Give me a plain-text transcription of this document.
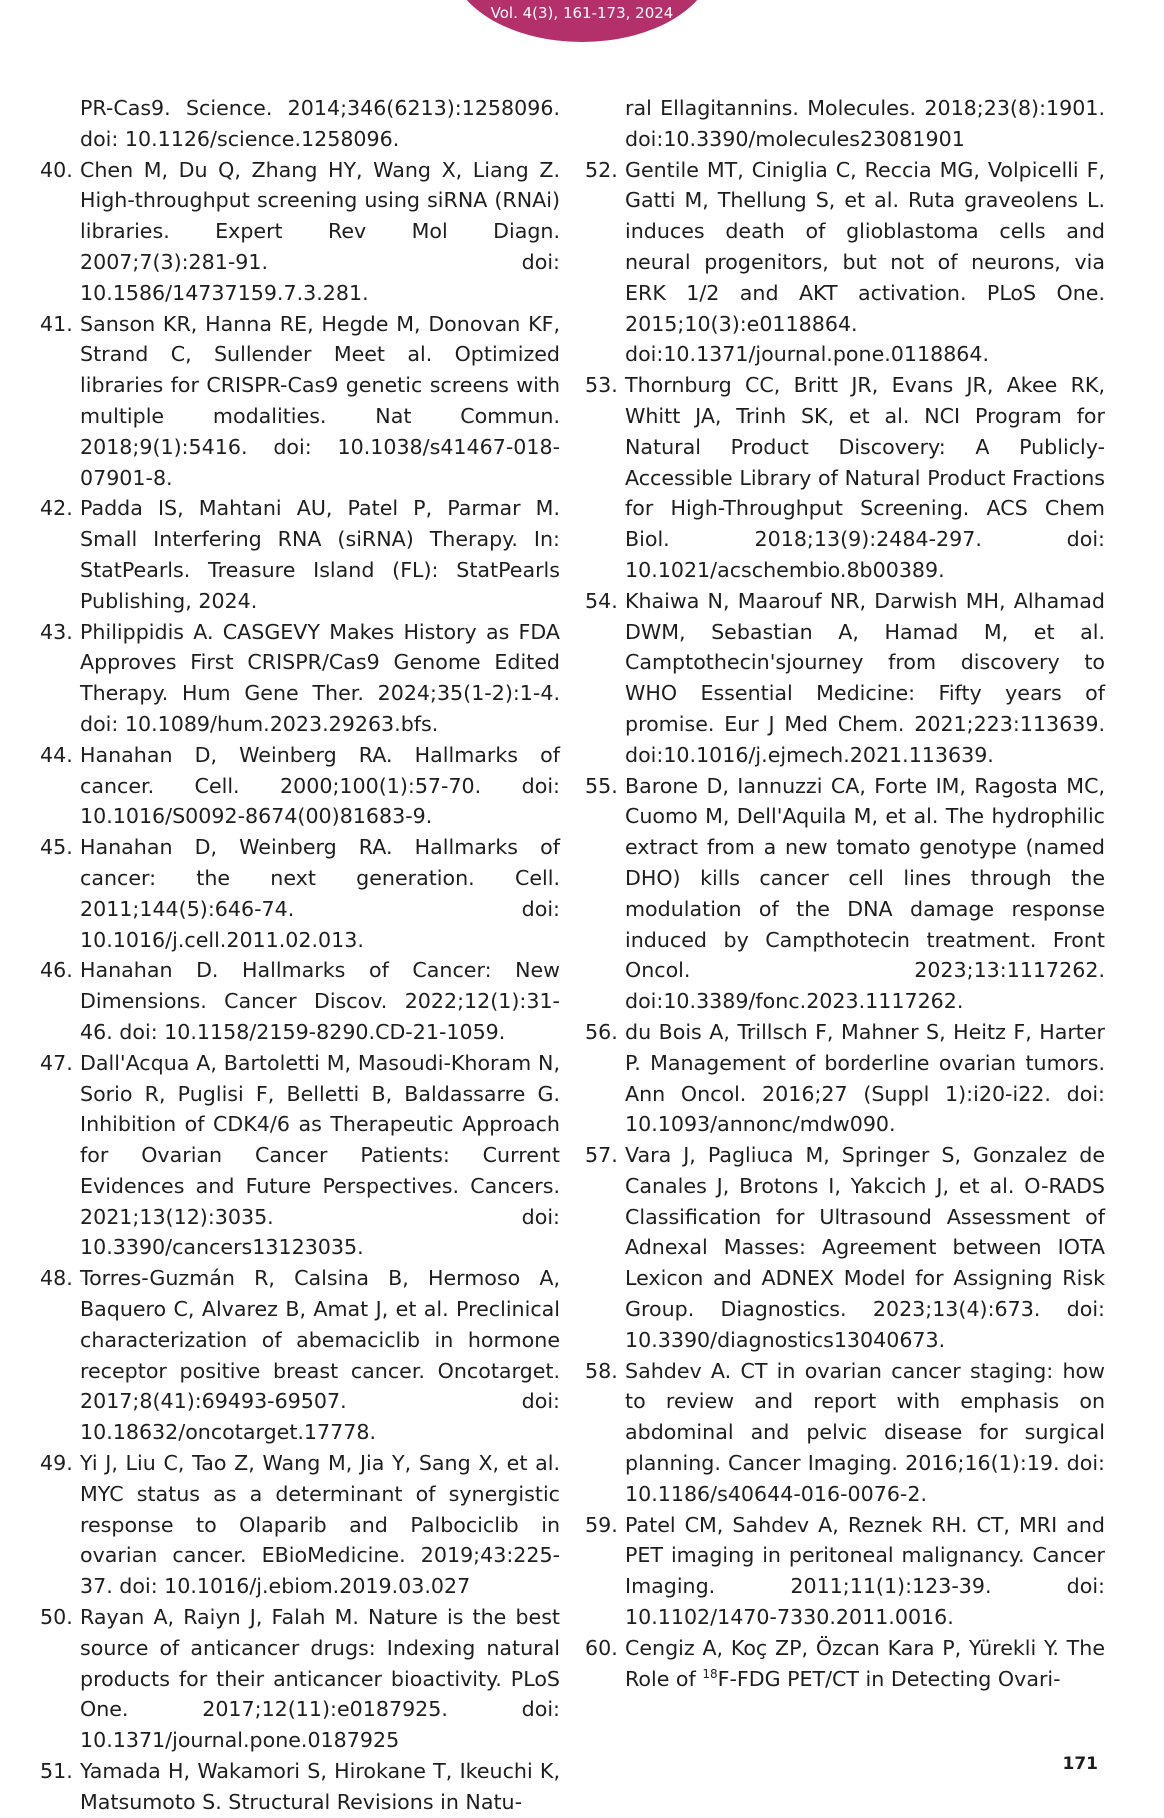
Vol. 4(3), 161-173, 2024
PR-Cas9. Science. 2014;346(6213):1258096. doi: 10.1126/science.1258096.
40. Chen M, Du Q, Zhang HY, Wang X, Liang Z. High-throughput screening using siRNA (RNAi) libraries. Expert Rev Mol Diagn. 2007;7(3):281-91. doi: 10.1586/14737159.7.3.281.
41. Sanson KR, Hanna RE, Hegde M, Donovan KF, Strand C, Sullender Meet al. Optimized libraries for CRISPR-Cas9 genetic screens with multiple modalities. Nat Commun. 2018;9(1):5416. doi: 10.1038/s41467-018-07901-8.
42. Padda IS, Mahtani AU, Patel P, Parmar M. Small Interfering RNA (siRNA) Therapy. In: StatPearls. Treasure Island (FL): StatPearls Publishing, 2024.
43. Philippidis A. CASGEVY Makes History as FDA Approves First CRISPR/Cas9 Genome Edited Therapy. Hum Gene Ther. 2024;35(1-2):1-4. doi: 10.1089/hum.2023.29263.bfs.
44. Hanahan D, Weinberg RA. Hallmarks of cancer. Cell. 2000;100(1):57-70. doi: 10.1016/S0092-8674(00)81683-9.
45. Hanahan D, Weinberg RA. Hallmarks of cancer: the next generation. Cell. 2011;144(5):646-74. doi: 10.1016/j.cell.2011.02.013.
46. Hanahan D. Hallmarks of Cancer: New Dimensions. Cancer Discov. 2022;12(1):31-46. doi: 10.1158/2159-8290.CD-21-1059.
47. Dall'Acqua A, Bartoletti M, Masoudi-Khoram N, Sorio R, Puglisi F, Belletti B, Baldassarre G. Inhibition of CDK4/6 as Therapeutic Approach for Ovarian Cancer Patients: Current Evidences and Future Perspectives. Cancers. 2021;13(12):3035. doi: 10.3390/cancers13123035.
48. Torres-Guzmán R, Calsina B, Hermoso A, Baquero C, Alvarez B, Amat J, et al. Preclinical characterization of abemaciclib in hormone receptor positive breast cancer. Oncotarget. 2017;8(41):69493-69507. doi: 10.18632/oncotarget.17778.
49. Yi J, Liu C, Tao Z, Wang M, Jia Y, Sang X, et al. MYC status as a determinant of synergistic response to Olaparib and Palbociclib in ovarian cancer. EBioMedicine. 2019;43:225-37. doi: 10.1016/j.ebiom.2019.03.027
50. Rayan A, Raiyn J, Falah M. Nature is the best source of anticancer drugs: Indexing natural products for their anticancer bioactivity. PLoS One. 2017;12(11):e0187925. doi: 10.1371/journal.pone.0187925
51. Yamada H, Wakamori S, Hirokane T, Ikeuchi K, Matsumoto S. Structural Revisions in Natu-
ral Ellagitannins. Molecules. 2018;23(8):1901. doi:10.3390/molecules23081901
52. Gentile MT, Ciniglia C, Reccia MG, Volpicelli F, Gatti M, Thellung S, et al. Ruta graveolens L. induces death of glioblastoma cells and neural progenitors, but not of neurons, via ERK 1/2 and AKT activation. PLoS One. 2015;10(3):e0118864. doi:10.1371/journal.pone.0118864.
53. Thornburg CC, Britt JR, Evans JR, Akee RK, Whitt JA, Trinh SK, et al. NCI Program for Natural Product Discovery: A Publicly-Accessible Library of Natural Product Fractions for High-Throughput Screening. ACS Chem Biol. 2018;13(9):2484-297. doi: 10.1021/acschembio.8b00389.
54. Khaiwa N, Maarouf NR, Darwish MH, Alhamad DWM, Sebastian A, Hamad M, et al. Camptothecin'sjourney from discovery to WHO Essential Medicine: Fifty years of promise. Eur J Med Chem. 2021;223:113639. doi:10.1016/j.ejmech.2021.113639.
55. Barone D, Iannuzzi CA, Forte IM, Ragosta MC, Cuomo M, Dell'Aquila M, et al. The hydrophilic extract from a new tomato genotype (named DHO) kills cancer cell lines through the modulation of the DNA damage response induced by Campthotecin treatment. Front Oncol. 2023;13:1117262. doi:10.3389/fonc.2023.1117262.
56. du Bois A, Trillsch F, Mahner S, Heitz F, Harter P. Management of borderline ovarian tumors. Ann Oncol. 2016;27 (Suppl 1):i20-i22. doi: 10.1093/annonc/mdw090.
57. Vara J, Pagliuca M, Springer S, Gonzalez de Canales J, Brotons I, Yakcich J, et al. O-RADS Classification for Ultrasound Assessment of Adnexal Masses: Agreement between IOTA Lexicon and ADNEX Model for Assigning Risk Group. Diagnostics. 2023;13(4):673. doi: 10.3390/diagnostics13040673.
58. Sahdev A. CT in ovarian cancer staging: how to review and report with emphasis on abdominal and pelvic disease for surgical planning. Cancer Imaging. 2016;16(1):19. doi: 10.1186/s40644-016-0076-2.
59. Patel CM, Sahdev A, Reznek RH. CT, MRI and PET imaging in peritoneal malignancy. Cancer Imaging. 2011;11(1):123-39. doi: 10.1102/1470-7330.2011.0016.
60. Cengiz A, Koç ZP, Özcan Kara P, Yürekli Y. The Role of $^{18}$F-FDG PET/CT in Detecting Ovari-
171
